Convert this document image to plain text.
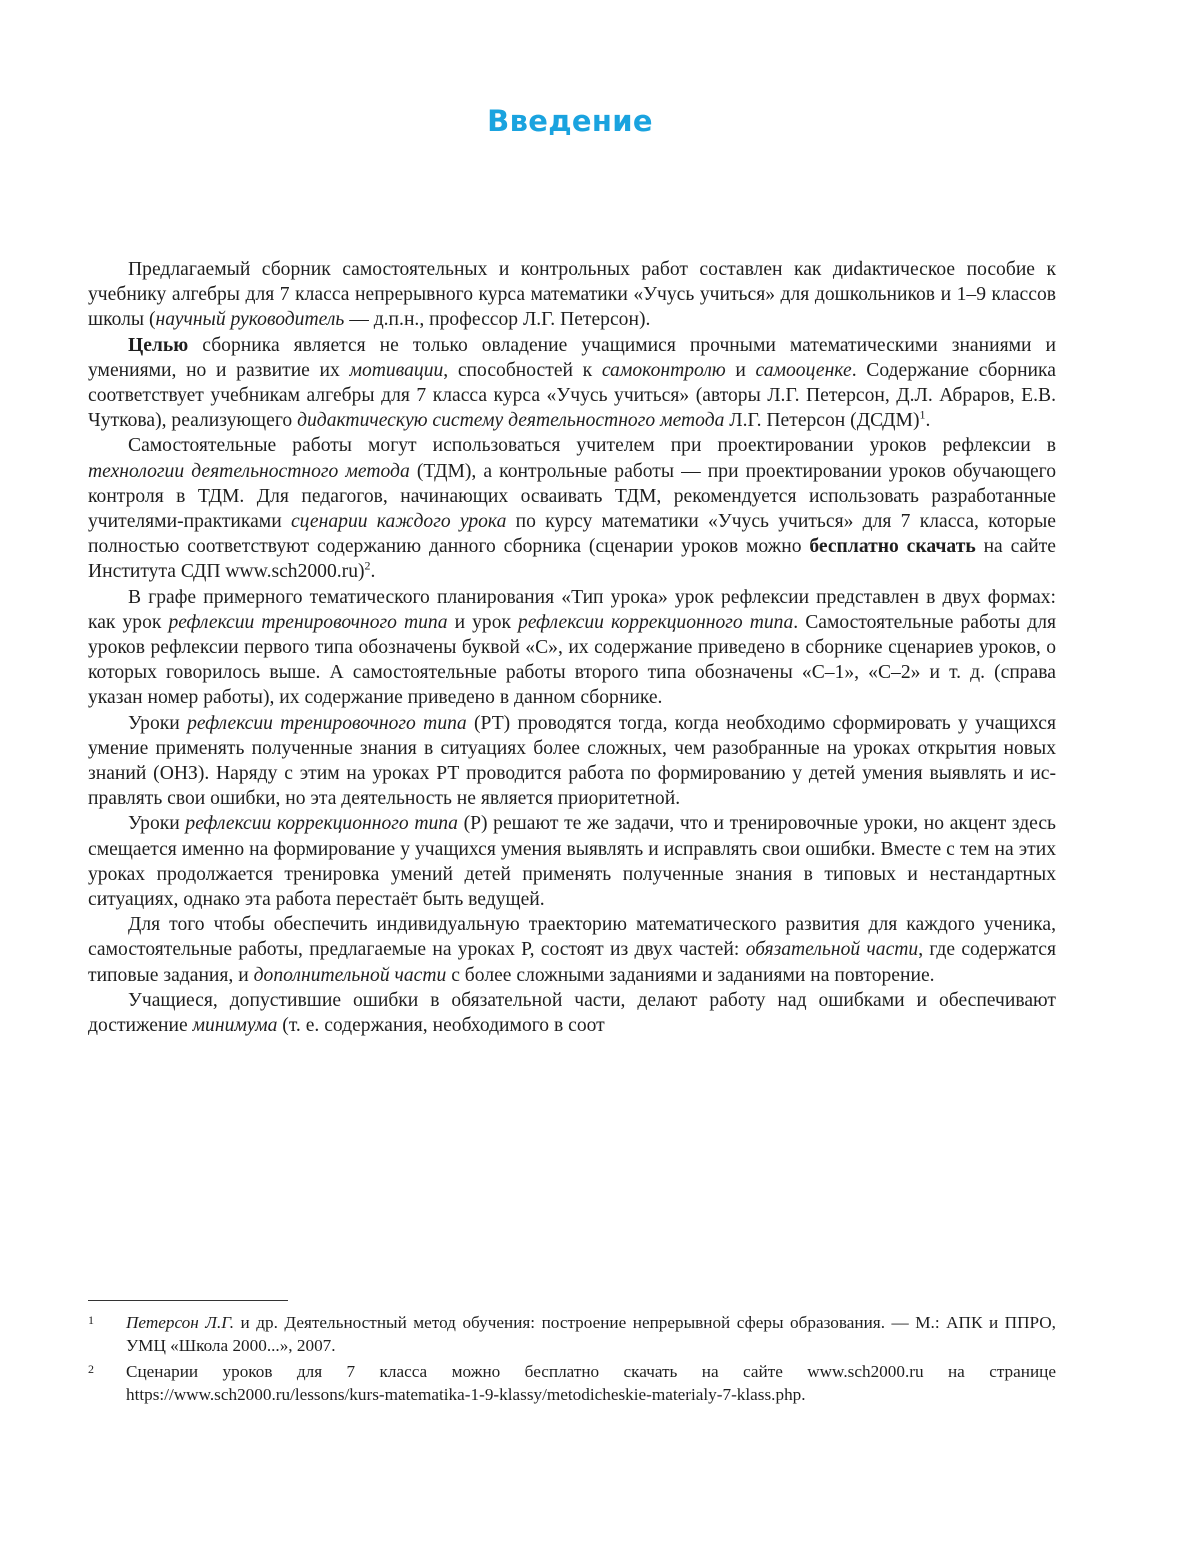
Введение

Предлагаемый сборник самостоятельных и контрольных работ составлен как диdактическое пособие к учебнику алгебры для 7 класса непрерывного курса математики «Учусь учиться» для дошкольников и 1–9 классов школы (научный руководитель — д.п.н., профессор Л.Г. Петерсон).

Целью сборника является не только овладение учащимися прочными математическими знаниями и умениями, но и развитие их мотивации, способностей к самоконтролю и самооценке. Содержание сборника соответствует учебникам алгебры для 7 класса курса «Учусь учиться» (авторы Л.Г. Петерсон, Д.Л. Абраров, Е.В. Чуткова), реализующего дидактическую систему деятельностного метода Л.Г. Петерсон (ДСДМ)$^1$.

Самостоятельные работы могут использоваться учителем при проектировании уроков рефлексии в технологии деятельностного метода (ТДМ), а контрольные работы — при проектировании уроков обучающего контроля в ТДМ. Для педагогов, начинающих осваивать ТДМ, рекомендуется использовать разработанные учителями-практиками сценарии каждого урока по курсу математики «Учусь учиться» для 7 класса, которые полностью соответствуют содержанию данного сборника (сценарии уроков можно бесплатно скачать на сайте Института СДП www.sch2000.ru)$^2$.

В графе примерного тематического планирования «Тип урока» урок рефлексии представлен в двух формах: как урок рефлексии тренировочного типа и урок рефлексии коррекционного типа. Самостоятельные работы для уроков рефлексии первого типа обозначены буквой «С», их содержание приведено в сборнике сценариев уроков, о которых говорилось выше. А самостоятельные работы второго типа обозначены «С–1», «С–2» и т. д. (справа указан номер работы), их содержание приведено в данном сборнике.

Уроки рефлексии тренировочного типа (РТ) проводятся тогда, когда необходимо сформировать у учащихся умение применять полученные знания в ситуациях более сложных, чем разобранные на уроках открытия новых знаний (ОНЗ). Наряду с этим на уроках РТ проводится работа по формированию у детей умения выявлять и исправлять свои ошибки, но эта деятельность не является приоритетной.

Уроки рефлексии коррекционного типа (Р) решают те же задачи, что и тренировочные уроки, но акцент здесь смещается именно на формирование у учащихся умения выявлять и исправлять свои ошибки. Вместе с тем на этих уроках продолжается тренировка умений детей применять полученные знания в типовых и нестандартных ситуациях, однако эта работа перестаёт быть ведущей.

Для того чтобы обеспечить индивидуальную траекторию математического развития для каждого ученика, самостоятельные работы, предлагаемые на уроках Р, состоят из двух частей: обязательной части, где содержатся типовые задания, и дополнительной части с более сложными заданиями и заданиями на повторение.

Учащиеся, допустившие ошибки в обязательной части, делают работу над ошибками и обеспечивают достижение минимума (т. е. содержания, необходимого в соот

1 Петерсон Л.Г. и др. Деятельностный метод обучения: построение непрерывной сферы образования. — М.: АПК и ППРО, УМЦ «Школа 2000...», 2007.
2 Сценарии уроков для 7 класса можно бесплатно скачать на сайте www.sch2000.ru на странице https://www.sch2000.ru/lessons/kurs-matematika-1-9-klassy/metodicheskie-materialy-7-klass.php.
